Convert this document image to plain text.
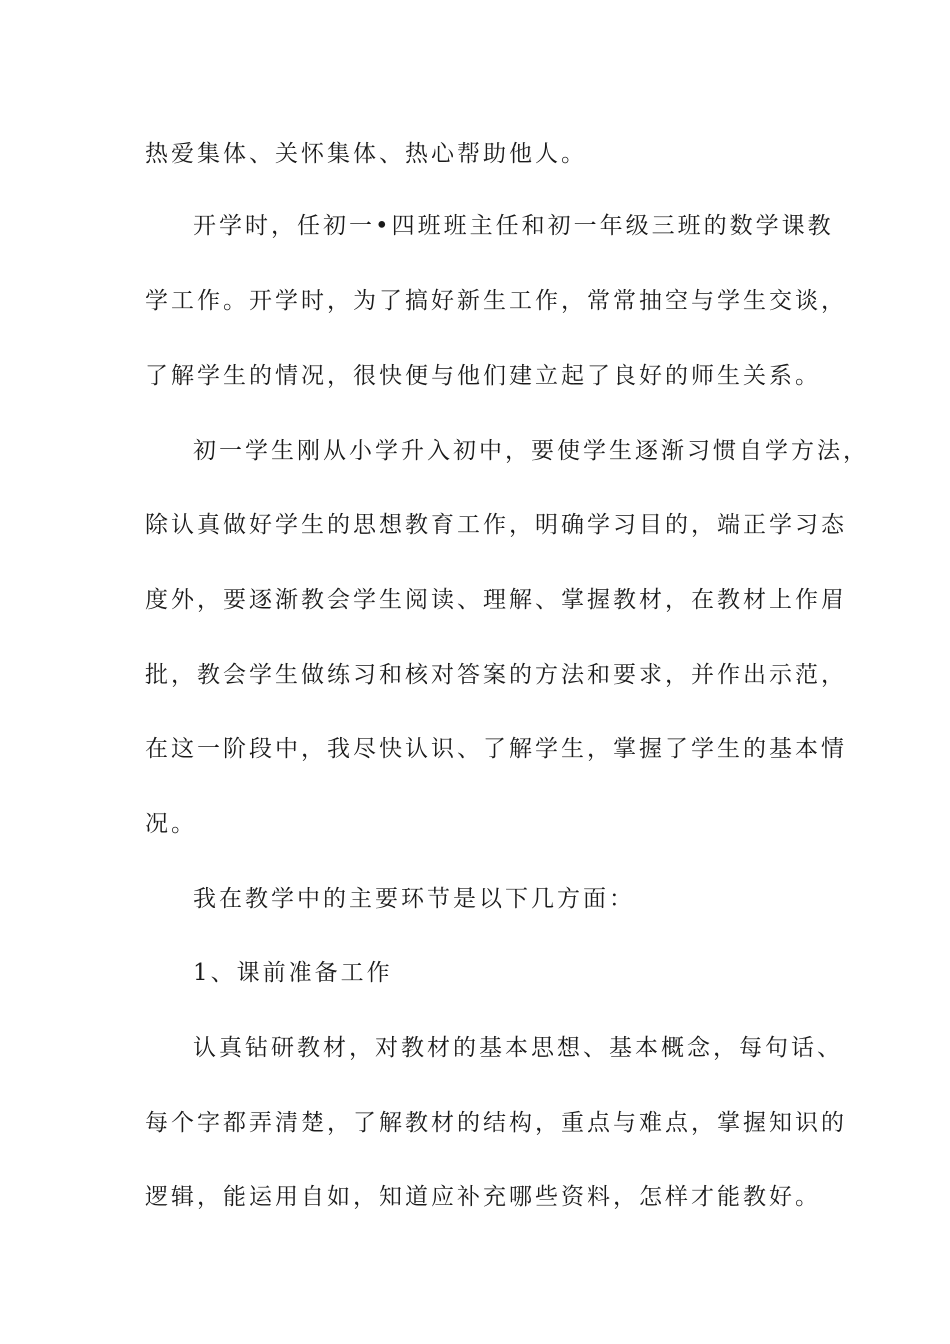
热爱集体、关怀集体、热心帮助他人。
开学时，任初一•四班班主任和初一年级三班的数学课教
学工作。开学时，为了搞好新生工作，常常抽空与学生交谈，
了解学生的情况，很快便与他们建立起了良好的师生关系。
初一学生刚从小学升入初中，要使学生逐渐习惯自学方法，
除认真做好学生的思想教育工作，明确学习目的，端正学习态
度外，要逐渐教会学生阅读、理解、掌握教材，在教材上作眉
批，教会学生做练习和核对答案的方法和要求，并作出示范，
在这一阶段中，我尽快认识、了解学生，掌握了学生的基本情
况。
我在教学中的主要环节是以下几方面：
1、课前准备工作
认真钻研教材，对教材的基本思想、基本概念，每句话、
每个字都弄清楚，了解教材的结构，重点与难点，掌握知识的
逻辑，能运用自如，知道应补充哪些资料，怎样才能教好。
